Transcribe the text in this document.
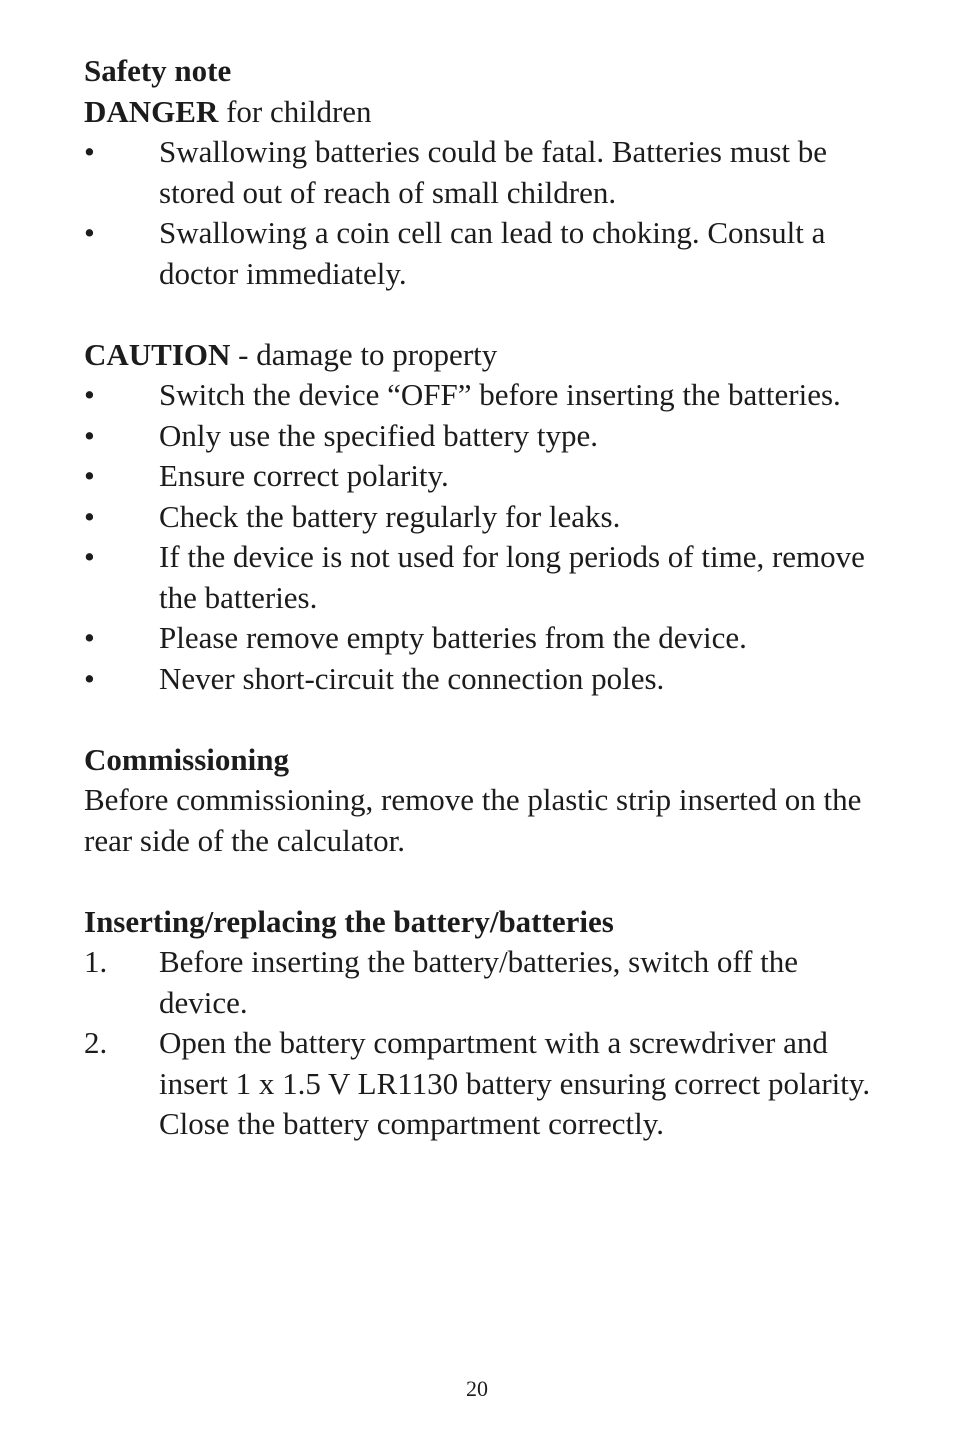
Safety note

DANGER for children

• Swallowing batteries could be fatal. Batteries must be stored out of reach of small children.
• Swallowing a coin cell can lead to choking. Consult a doctor immediately.

CAUTION - damage to property

• Switch the device “OFF” before inserting the batteries.
• Only use the specified battery type.
• Ensure correct polarity.
• Check the battery regularly for leaks.
• If the device is not used for long periods of time, remove the batteries.
• Please remove empty batteries from the device.
• Never short-circuit the connection poles.

Commissioning

Before commissioning, remove the plastic strip inserted on the rear side of the calculator.

Inserting/replacing the battery/batteries

1. Before inserting the battery/batteries, switch off the device.
2. Open the battery compartment with a screwdriver and insert 1 x 1.5 V LR1130 battery ensuring correct polarity. Close the battery compartment correctly.
20
